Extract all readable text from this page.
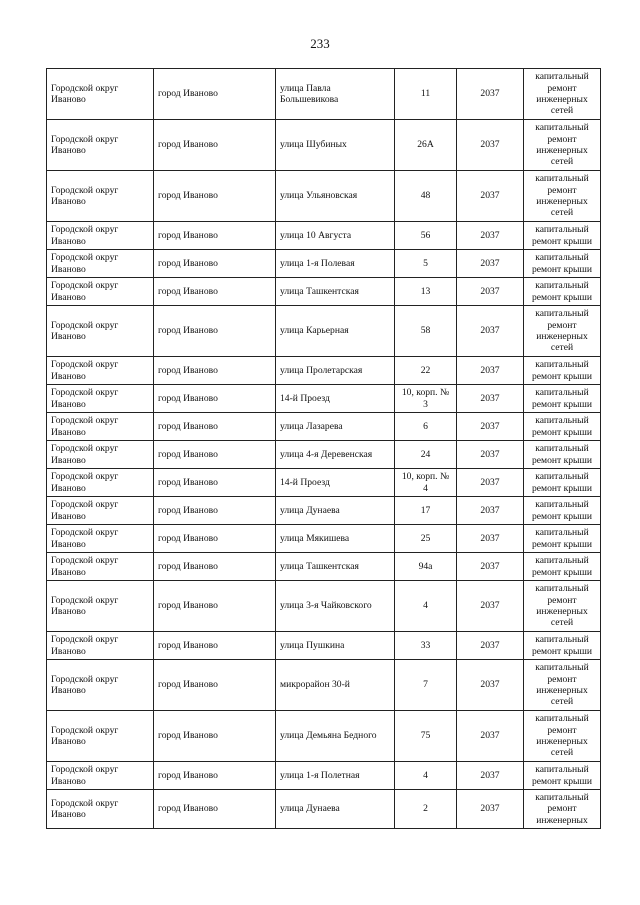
233
Городской округ Иваново	город Иваново	улица Павла Большевикова	11	2037	капитальный ремонт инженерных сетей
Городской округ Иваново	город Иваново	улица Шубиных	26А	2037	капитальный ремонт инженерных сетей
Городской округ Иваново	город Иваново	улица Ульяновская	48	2037	капитальный ремонт инженерных сетей
Городской округ Иваново	город Иваново	улица 10 Августа	56	2037	капитальный ремонт крыши
Городской округ Иваново	город Иваново	улица 1-я Полевая	5	2037	капитальный ремонт крыши
Городской округ Иваново	город Иваново	улица Ташкентская	13	2037	капитальный ремонт крыши
Городской округ Иваново	город Иваново	улица Карьерная	58	2037	капитальный ремонт инженерных сетей
Городской округ Иваново	город Иваново	улица Пролетарская	22	2037	капитальный ремонт крыши
Городской округ Иваново	город Иваново	14-й Проезд	10, корп. № 3	2037	капитальный ремонт крыши
Городской округ Иваново	город Иваново	улица Лазарева	6	2037	капитальный ремонт крыши
Городской округ Иваново	город Иваново	улица 4-я Деревенская	24	2037	капитальный ремонт крыши
Городской округ Иваново	город Иваново	14-й Проезд	10, корп. № 4	2037	капитальный ремонт крыши
Городской округ Иваново	город Иваново	улица Дунаева	17	2037	капитальный ремонт крыши
Городской округ Иваново	город Иваново	улица Мякишева	25	2037	капитальный ремонт крыши
Городской округ Иваново	город Иваново	улица Ташкентская	94а	2037	капитальный ремонт крыши
Городской округ Иваново	город Иваново	улица 3-я Чайковского	4	2037	капитальный ремонт инженерных сетей
Городской округ Иваново	город Иваново	улица Пушкина	33	2037	капитальный ремонт крыши
Городской округ Иваново	город Иваново	микрорайон 30-й	7	2037	капитальный ремонт инженерных сетей
Городской округ Иваново	город Иваново	улица Демьяна Бедного	75	2037	капитальный ремонт инженерных сетей
Городской округ Иваново	город Иваново	улица 1-я Полетная	4	2037	капитальный ремонт крыши
Городской округ Иваново	город Иваново	улица Дунаева	2	2037	капитальный ремонт инженерных
